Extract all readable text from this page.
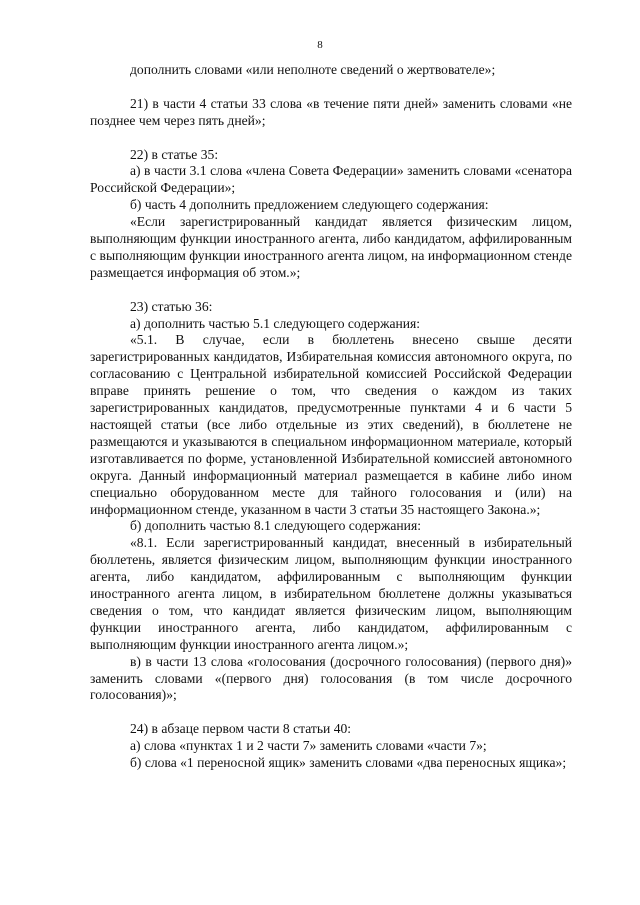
8

дополнить словами «или неполноте сведений о жертвователе»;

21) в части 4 статьи 33 слова «в течение пяти дней» заменить словами «не позднее чем через пять дней»;

22) в статье 35:

а) в части 3.1 слова «члена Совета Федерации» заменить словами «сенатора Российской Федерации»;

б) часть 4 дополнить предложением следующего содержания:

«Если зарегистрированный кандидат является физическим лицом, выполняющим функции иностранного агента, либо кандидатом, аффилированным с выполняющим функции иностранного агента лицом, на информационном стенде размещается информация об этом.»;

23) статью 36:

а) дополнить частью 5.1 следующего содержания:

«5.1. В случае, если в бюллетень внесено свыше десяти зарегистрированных кандидатов, Избирательная комиссия автономного округа, по согласованию с Центральной избирательной комиссией Российской Федерации вправе принять решение о том, что сведения о каждом из таких зарегистрированных кандидатов, предусмотренные пунктами 4 и 6 части 5 настоящей статьи (все либо отдельные из этих сведений), в бюллетене не размещаются и указываются в специальном информационном материале, который изготавливается по форме, установленной Избирательной комиссией автономного округа. Данный информационный материал размещается в кабине либо ином специально оборудованном месте для тайного голосования и (или) на информационном стенде, указанном в части 3 статьи 35 настоящего Закона.»;

б) дополнить частью 8.1 следующего содержания:

«8.1. Если зарегистрированный кандидат, внесенный в избирательный бюллетень, является физическим лицом, выполняющим функции иностранного агента, либо кандидатом, аффилированным с выполняющим функции иностранного агента лицом, в избирательном бюллетене должны указываться сведения о том, что кандидат является физическим лицом, выполняющим функции иностранного агента, либо кандидатом, аффилированным с выполняющим функции иностранного агента лицом.»;

в) в части 13 слова «голосования (досрочного голосования) (первого дня)» заменить словами «(первого дня) голосования (в том числе досрочного голосования)»;

24) в абзаце первом части 8 статьи 40:

а) слова «пунктах 1 и 2 части 7» заменить словами «части 7»;

б) слова «1 переносной ящик» заменить словами «два переносных ящика»;
